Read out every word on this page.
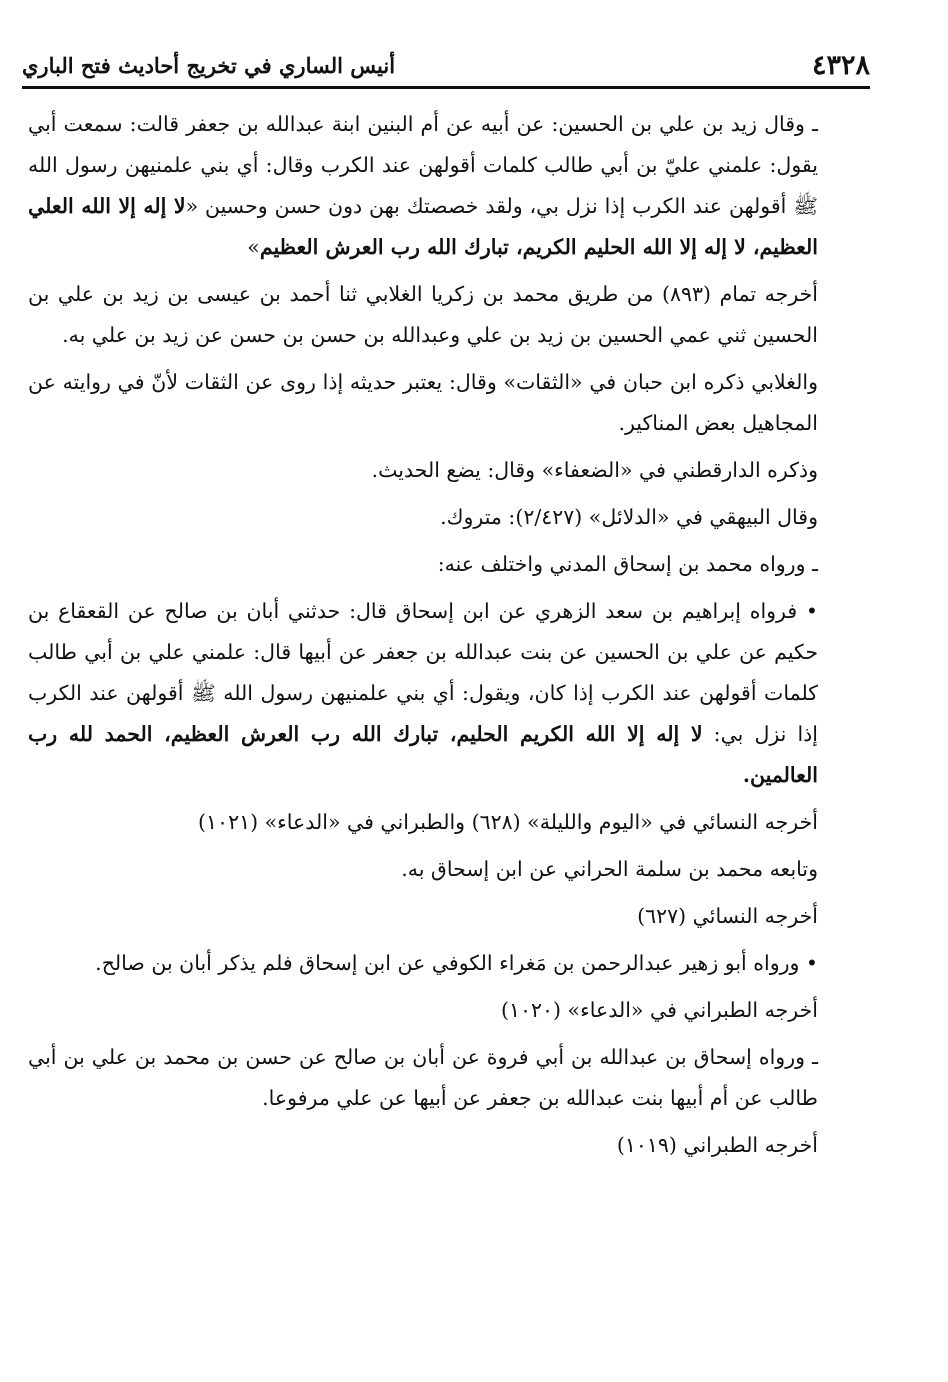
٤٣٢٨
أنيس الساري في تخريج أحاديث فتح الباري

ـ وقال زيد بن علي بن الحسين: عن أبيه عن أم البنين ابنة عبدالله بن جعفر قالت: سمعت أبي يقول: علمني عليّ بن أبي طالب كلمات أقولهن عند الكرب وقال: أي بني علمنيهن رسول الله ﷺ أقولهن عند الكرب إذا نزل بي، ولقد خصصتك بهن دون حسن وحسين «لا إله إلا الله العلي العظيم، لا إله إلا الله الحليم الكريم، تبارك الله رب العرش العظيم»

أخرجه تمام (٨٩٣) من طريق محمد بن زكريا الغلابي ثنا أحمد بن عيسى بن زيد بن علي بن الحسين ثني عمي الحسين بن زيد بن علي وعبدالله بن حسن بن حسن عن زيد بن علي به.

والغلابي ذكره ابن حبان في «الثقات» وقال: يعتبر حديثه إذا روى عن الثقات لأنّ في روايته عن المجاهيل بعض المناكير.

وذكره الدارقطني في «الضعفاء» وقال: يضع الحديث.

وقال البيهقي في «الدلائل» (٢/٤٢٧): متروك.

ـ ورواه محمد بن إسحاق المدني واختلف عنه:

• فرواه إبراهيم بن سعد الزهري عن ابن إسحاق قال: حدثني أبان بن صالح عن القعقاع بن حكيم عن علي بن الحسين عن بنت عبدالله بن جعفر عن أبيها قال: علمني علي بن أبي طالب كلمات أقولهن عند الكرب إذا كان، ويقول: أي بني علمنيهن رسول الله ﷺ أقولهن عند الكرب إذا نزل بي: لا إله إلا الله الكريم الحليم، تبارك الله رب العرش العظيم، الحمد لله رب العالمين.

أخرجه النسائي في «اليوم والليلة» (٦٢٨) والطبراني في «الدعاء» (١٠٢١)

وتابعه محمد بن سلمة الحراني عن ابن إسحاق به.

أخرجه النسائي (٦٢٧)

• ورواه أبو زهير عبدالرحمن بن مَغراء الكوفي عن ابن إسحاق فلم يذكر أبان بن صالح.

أخرجه الطبراني في «الدعاء» (١٠٢٠)

ـ ورواه إسحاق بن عبدالله بن أبي فروة عن أبان بن صالح عن حسن بن محمد بن علي بن أبي طالب عن أم أبيها بنت عبدالله بن جعفر عن أبيها عن علي مرفوعا.

أخرجه الطبراني (١٠١٩)
